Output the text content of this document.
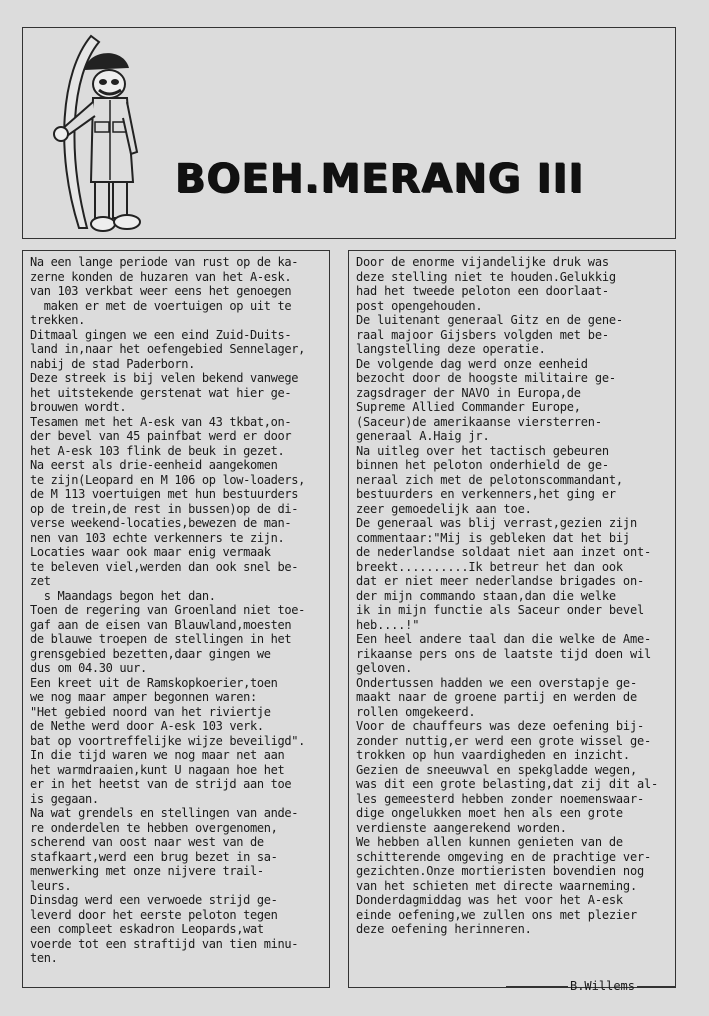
BOEH.MERANG III
Na een lange periode van rust op de ka-
zerne konden de huzaren van het A-esk.
van 103 verkbat weer eens het genoegen
maken er met de voertuigen op uit te
trekken.
Ditmaal gingen we een eind Zuid-Duits-
land in,naar het oefengebied Sennelager,
nabij de stad Paderborn.
Deze streek is bij velen bekend vanwege
het uitstekende gerstenat wat hier ge-
brouwen wordt.
Tesamen met het A-esk van 43 tkbat,on-
der bevel van 45 painfbat werd er door
het A-esk 103 flink de beuk in gezet.
Na eerst als drie-eenheid aangekomen
te zijn(Leopard en M 106 op low-loaders,
de M 113 voertuigen met hun bestuurders
op de trein,de rest in bussen)op de di-
verse weekend-locaties,bewezen de man-
nen van 103 echte verkenners te zijn.
Locaties waar ook maar enig vermaak
te beleven viel,werden dan ook snel be-
zet
s Maandags begon het dan.
Toen de regering van Groenland niet toe-
gaf aan de eisen van Blauwland,moesten
de blauwe troepen de stellingen in het
grensgebied bezetten,daar gingen we
dus om 04.30 uur.
Een kreet uit de Ramskopkoerier,toen
we nog maar amper begonnen waren:
"Het gebied noord van het riviertje
de Nethe werd door A-esk 103 verk.
bat op voortreffelijke wijze beveiligd".
In die tijd waren we nog maar net aan
het warmdraaien,kunt U nagaan hoe het
er in het heetst van de strijd aan toe
is gegaan.
Na wat grendels en stellingen van ande-
re onderdelen te hebben overgenomen,
scherend van oost naar west van de
stafkaart,werd een brug bezet in sa-
menwerking met onze nijvere trail-
leurs.
Dinsdag werd een verwoede strijd ge-
leverd door het eerste peloton tegen
een compleet eskadron Leopards,wat
voerde tot een straftijd van tien minu-
ten.
Door de enorme vijandelijke druk was
deze stelling niet te houden.Gelukkig
had het tweede peloton een doorlaat-
post opengehouden.
De luitenant generaal Gitz en de gene-
raal majoor Gijsbers volgden met be-
langstelling deze operatie.
De volgende dag werd onze eenheid
bezocht door de hoogste militaire ge-
zagsdrager der NAVO in Europa,de
Supreme Allied Commander Europe,
(Saceur)de amerikaanse viersterren-
generaal A.Haig jr.
Na uitleg over het tactisch gebeuren
binnen het peloton onderhield de ge-
neraal zich met de pelotonscommandant,
bestuurders en verkenners,het ging er
zeer gemoedelijk aan toe.
De generaal was blij verrast,gezien zijn
commentaar:"Mij is gebleken dat het bij
de nederlandse soldaat niet aan inzet ont-
breekt..........Ik betreur het dan ook
dat er niet meer nederlandse brigades on-
der mijn commando staan,dan die welke
ik in mijn functie als Saceur onder bevel
heb....!"
Een heel andere taal dan die welke de Ame-
rikaanse pers ons de laatste tijd doen wil
geloven.
Ondertussen hadden we een overstapje ge-
maakt naar de groene partij en werden de
rollen omgekeerd.
Voor de chauffeurs was deze oefening bij-
zonder nuttig,er werd een grote wissel ge-
trokken op hun vaardigheden en inzicht.
Gezien de sneeuwval en spekgladde wegen,
was dit een grote belasting,dat zij dit al-
les gemeesterd hebben zonder noemenswaar-
dige ongelukken moet hen als een grote
verdienste aangerekend worden.
We hebben allen kunnen genieten van de
schitterende omgeving en de prachtige ver-
gezichten.Onze mortieristen bovendien nog
van het schieten met directe waarneming.
Donderdagmiddag was het voor het A-esk
einde oefening,we zullen ons met plezier
deze oefening herinneren.
B.Willems
